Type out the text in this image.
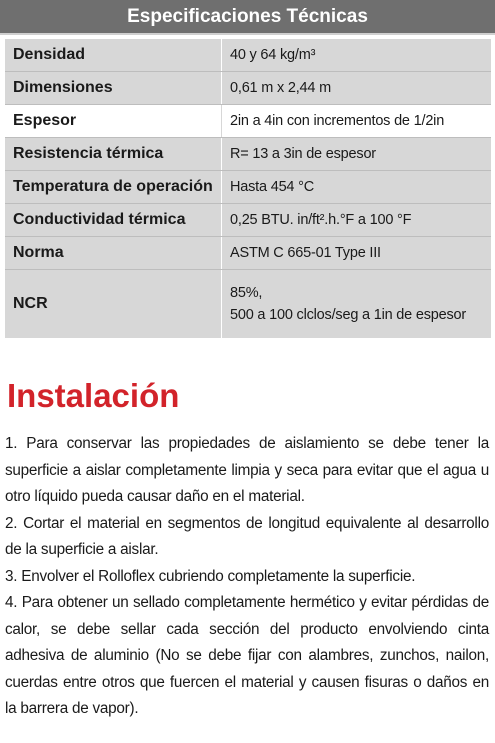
Especificaciones Técnicas
Densidad	40 y 64 kg/m³

Dimensiones	0,61 m x 2,44 m

Espesor	2in a 4in con incrementos de 1/2in

Resistencia térmica	R= 13 a 3in de espesor

Temperatura de operación	Hasta 454 °C

Conductividad térmica	0,25 BTU. in/ft².h.°F a 100 °F

Norma	ASTM C 665-01 Type III

NCR	85%,
500 a 100 clclos/seg a 1in de espesor
Instalación

1. Para conservar las propiedades de aislamiento se debe tener la superficie a aislar completamente limpia y seca para evitar que el agua u otro líquido pueda causar daño en el material.

2. Cortar el material en segmentos de longitud equivalente al desarrollo de la superficie a aislar.

3. Envolver el Rolloflex cubriendo completamente la superficie.

4. Para obtener un sellado completamente hermético y evitar pérdidas de calor, se debe sellar cada sección del producto envolviendo cinta adhesiva de aluminio (No se debe fijar con alambres, zunchos, nailon, cuerdas entre otros que fuercen el material y causen fisuras o daños en la barrera de vapor).
